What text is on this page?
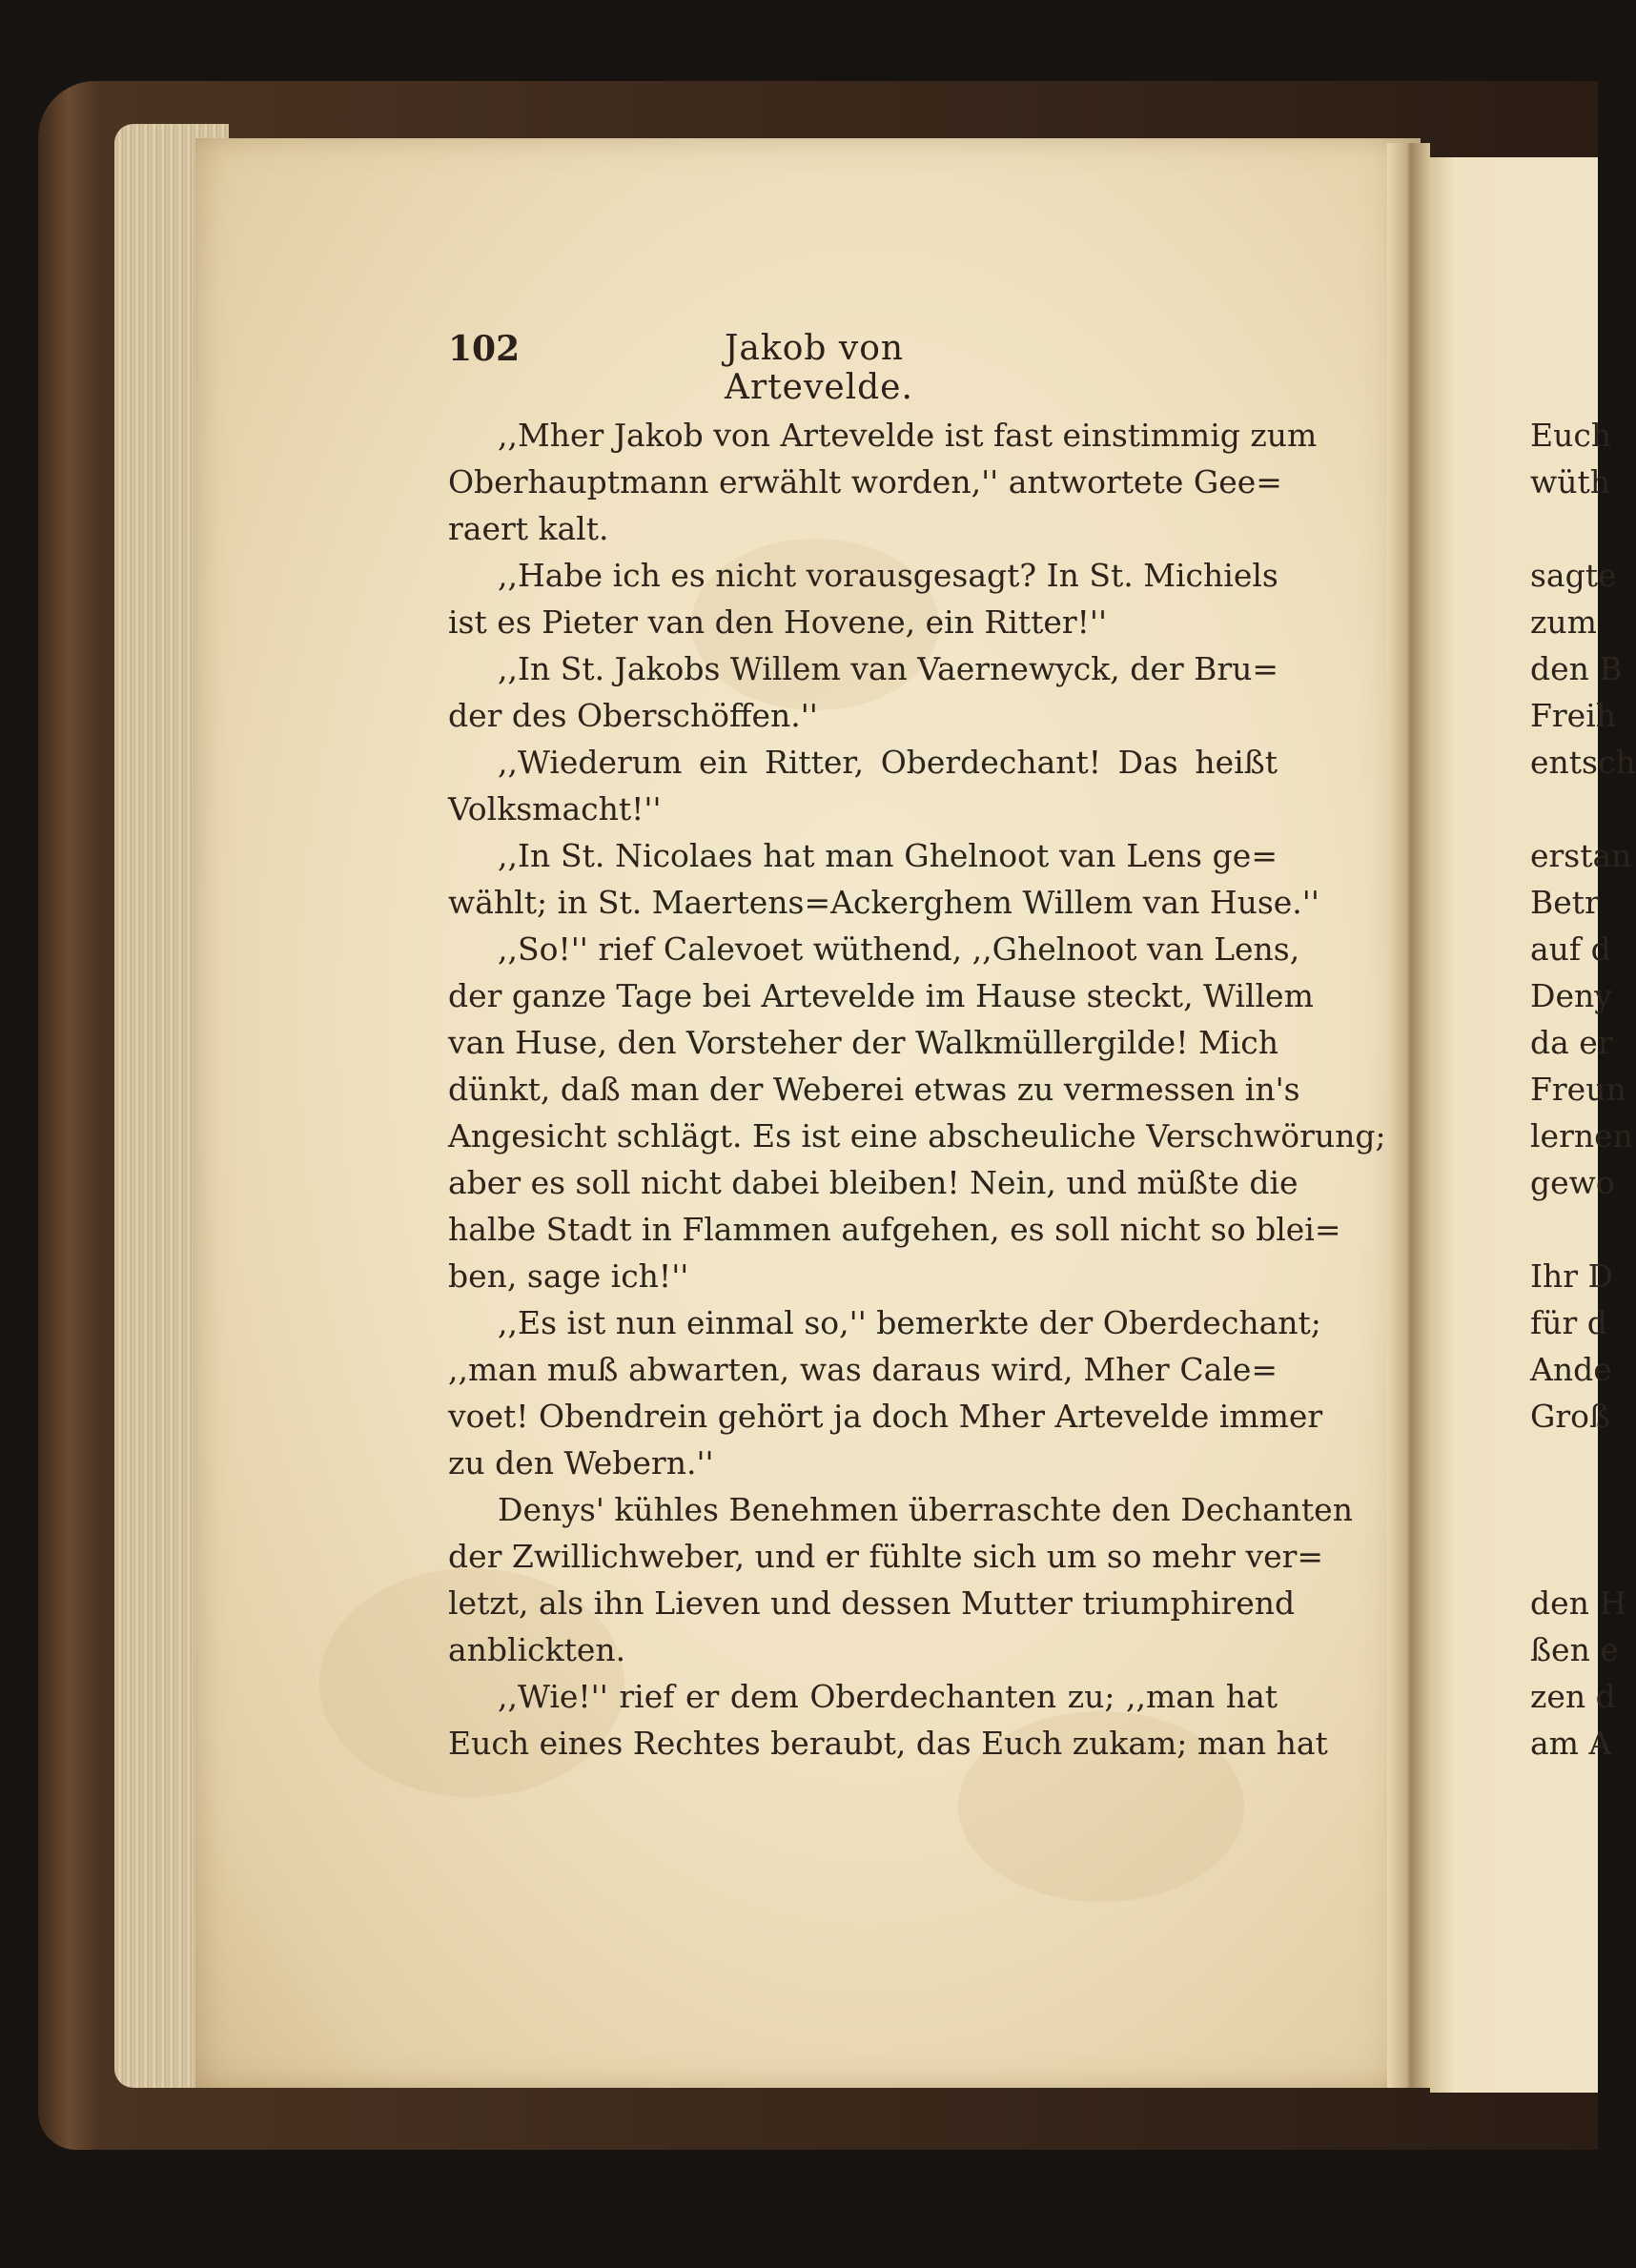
102	Jakob von Artevelde.
,,Mher Jakob von Artevelde ist fast einstimmig zum
Oberhauptmann erwählt worden,'' antwortete Gee=
raert kalt.
,,Habe ich es nicht vorausgesagt? In St. Michiels
ist es Pieter van den Hovene, ein Ritter!''
,,In St. Jakobs Willem van Vaernewyck, der Bru=
der des Oberschöffen.''
,,Wiederum ein Ritter, Oberdechant! Das heißt
Volksmacht!''
,,In St. Nicolaes hat man Ghelnoot van Lens ge=
wählt; in St. Maertens=Ackerghem Willem van Huse.''
,,So!'' rief Calevoet wüthend, ,,Ghelnoot van Lens,
der ganze Tage bei Artevelde im Hause steckt, Willem
van Huse, den Vorsteher der Walkmüllergilde! Mich
dünkt, daß man der Weberei etwas zu vermessen in's
Angesicht schlägt. Es ist eine abscheuliche Verschwörung;
aber es soll nicht dabei bleiben! Nein, und müßte die
halbe Stadt in Flammen aufgehen, es soll nicht so blei=
ben, sage ich!''
,,Es ist nun einmal so,'' bemerkte der Oberdechant;
,,man muß abwarten, was daraus wird, Mher Cale=
voet! Obendrein gehört ja doch Mher Artevelde immer
zu den Webern.''
Denys' kühles Benehmen überraschte den Dechanten
der Zwillichweber, und er fühlte sich um so mehr ver=
letzt, als ihn Lieven und dessen Mutter triumphirend
anblickten.
,,Wie!'' rief er dem Oberdechanten zu; ,,man hat
Euch eines Rechtes beraubt, das Euch zukam; man hat
Euch
wüth
sagte
zum
den B
Freih
entsch
erstan
Betr
auf d
Deny
da er
Freun
lernen
gewo
Ihr D
für d
Ande
Groß
den H
ßen e
zen d
am A
